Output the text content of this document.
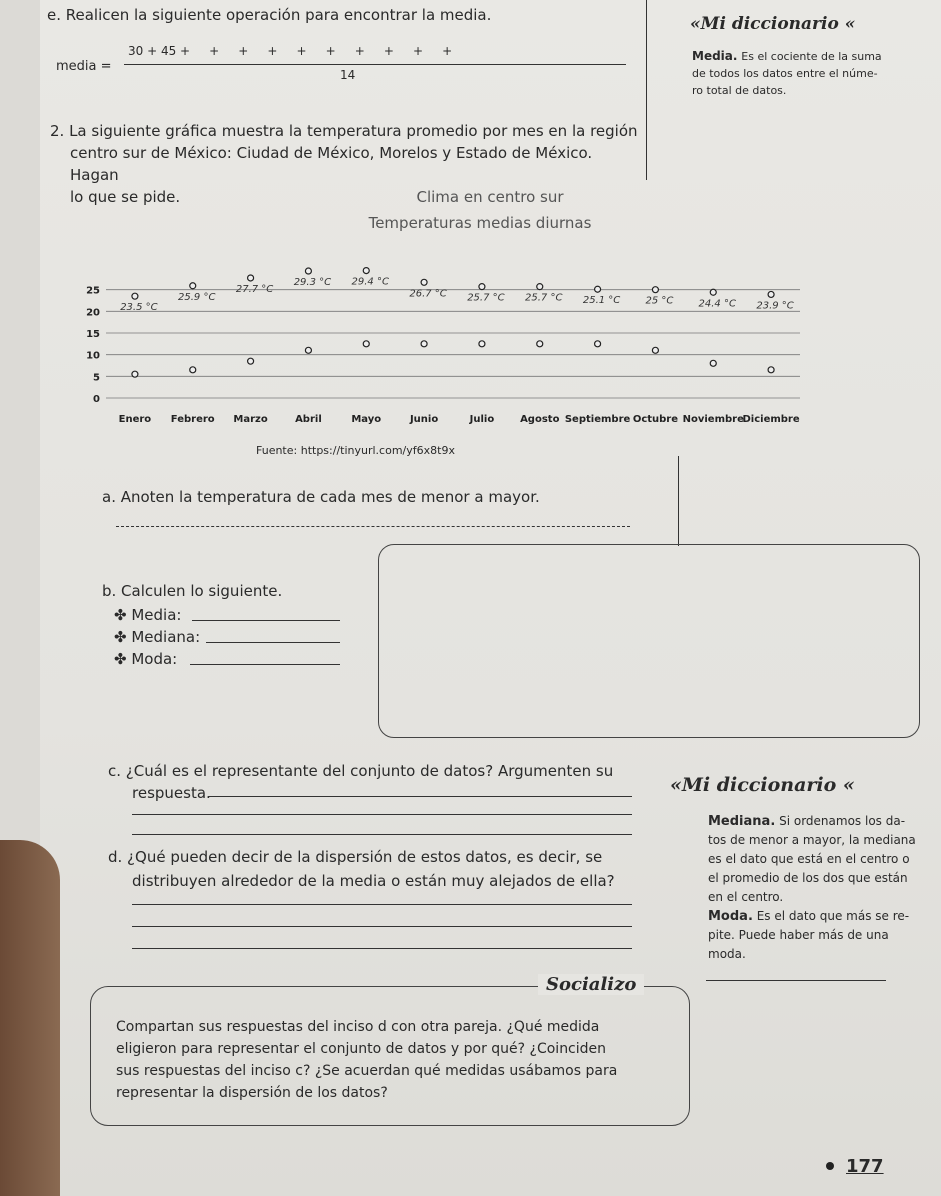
e. Realicen la siguiente operación para encontrar la media.
media =
30 + 45 +     +     +     +     +     +     +     +     +     +
14
«Mi diccionario «
Media. Es el cociente de la suma
de todos los datos entre el núme-
ro total de datos.
2. La siguiente gráfica muestra la temperatura promedio por mes en la región
centro sur de México: Ciudad de México, Morelos y Estado de México. Hagan
lo que se pide.	Clima en centro sur
Temperaturas medias diurnas
0
5
10
15
20
25
Enero Febrero Marzo	Abril	Mayo	Junio	Julio	Agosto Septiembre Octubre Noviembre
Diciembre
23.5 °C
25.9 °C
27.7 °C
29.3 °C 29.4 °C
26.7 °C 25.7 °C 25.7 °C 25.1 °C	25 °C	24.4 °C 23.9 °C
Fuente: https://tinyurl.com/yf6x8t9x
a. Anoten la temperatura de cada mes de menor a mayor.
b. Calculen lo siguiente.
✤ Media:
✤ Mediana:
✤ Moda:
c. ¿Cuál es el representante del conjunto de datos? Argumenten su
respuesta.
d. ¿Qué pueden decir de la dispersión de estos datos, es decir, se
distribuyen alrededor de la media o están muy alejados de ella?
«Mi diccionario «
Mediana. Si ordenamos los da-
tos de menor a mayor, la mediana
es el dato que está en el centro o
el promedio de los dos que están
en el centro.
Moda. Es el dato que más se re-
pite. Puede haber más de una
moda.
Socializo
Compartan sus respuestas del inciso d con otra pareja. ¿Qué medida
eligieron para representar el conjunto de datos y por qué? ¿Coinciden
sus respuestas del inciso c? ¿Se acuerdan qué medidas usábamos para
representar la dispersión de los datos?
177
